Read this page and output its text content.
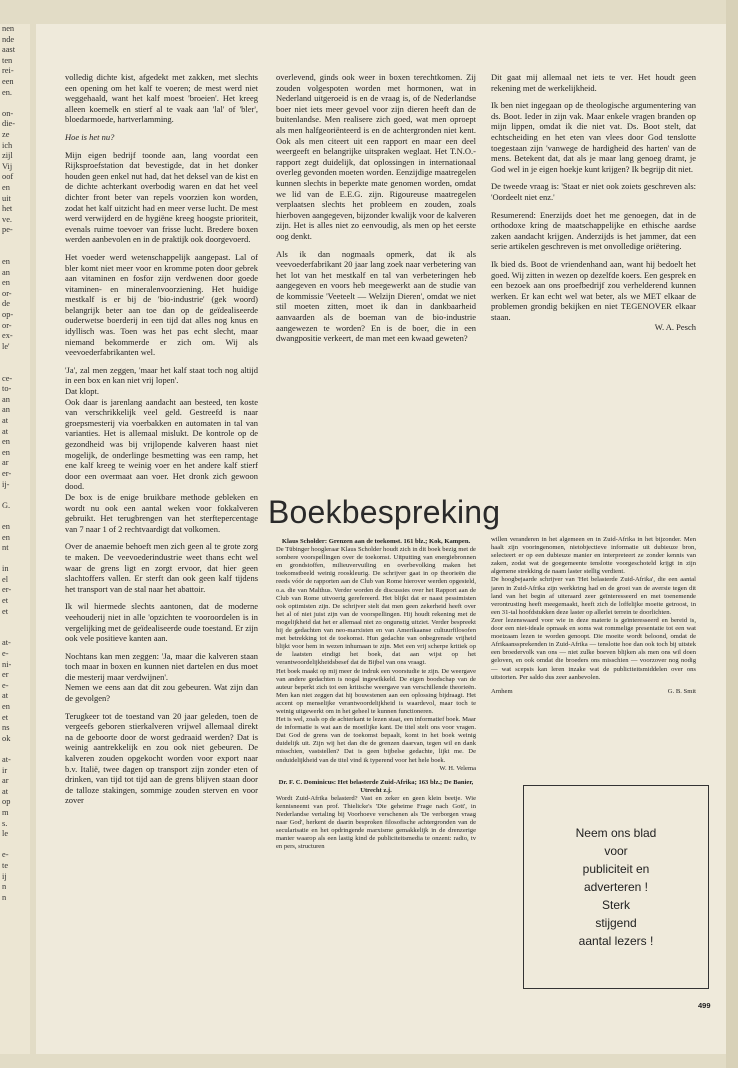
nen
nde
aast
ten
rei-
een
en.

on-
die-
ze
ich
zijl
Vij
oof
en
uit
het
ve.
pe-

en
an
en
or-
de
op-
or-
ex-
le'

ce-
to-
an
an
at
at
en
en
ar
er-
ij-

G.

en
en
nt

in
el
er-
et
et

at-
e-
ni-
er
e-
at
en
et
ns
ok

at-
ir
ar
at
op
m
s.
le

e-
te
ij
n
n

volledig dichte kist, afgedekt met zakken, met slechts een opening om het kalf te voeren; de mest werd niet weggehaald, want het kalf moest 'broeien'. Het kreeg alleen koemelk en stierf al te vaak aan 'lal' of 'bler', bloedarmoede, hartverlamming.

Hoe is het nu?

Mijn eigen bedrijf toonde aan, lang voordat een Rijksproefstation dat bevestigde, dat in het donker houden geen enkel nut had, dat het deksel van de kist en de dichte achterkant overbodig waren en dat het veel dichter front beter van repels voorzien kon worden, zodat het kalf uitzicht had en meer verse lucht. De mest werd verwijderd en de hygiëne kreeg hoogste prioriteit, evenals ruime toevoer van frisse lucht. Bredere boxen werden aanbevolen en in de praktijk ook doorgevoerd.

Het voeder werd wetenschappelijk aangepast. Lal of bler komt niet meer voor en kromme poten door gebrek aan vitaminen en fosfor zijn verdwenen door goede vitaminen- en mineralenvoorziening. Het huidige mestkalf is er bij de 'bio-industrie' (gek woord) belangrijk beter aan toe dan op de geïdealiseerde ouderwetse boerderij in een tijd dat alles nog knus en idyllisch was. Toen was het pas echt slecht, maar niemand bekommerde er zich om. Wij als veevoederfabrikanten wel.

'Ja', zal men zeggen, 'maar het kalf staat toch nog altijd in een box en kan niet vrij lopen'.

Dat klopt.

Ook daar is jarenlang aandacht aan besteed, ten koste van verschrikkelijk veel geld. Gestreefd is naar groepsmesterij via voerbakken en automaten in tal van varianties. Het is allemaal mislukt. De kontrole op de gezondheid was bij vrijlopende kalveren haast niet mogelijk, de onderlinge besmetting was een ramp, het ene kalf kreeg te weinig voer en het andere kalf stierf door een overmaat aan voer. Het dronk zich gewoon dood.

De box is de enige bruikbare methode gebleken en wordt nu ook een aantal weken voor fokkalveren gebruikt. Het terugbrengen van het sterftepercentage van 7 naar 1 of 2 rechtvaardigt dat volkomen.

Over de anaemie behoeft men zich geen al te grote zorg te maken. De veevoederindustrie weet thans echt wel waar de grens ligt en zorgt ervoor, dat hier geen slachtoffers vallen. Er sterft dan ook geen kalf tijdens het transport van de stal naar het abattoir.

Ik wil hiermede slechts aantonen, dat de moderne veehouderij niet in alle 'opzichten te vooroordelen is in vergelijking met de geïdealiseerde oude toestand. Er zijn ook vele positieve kanten aan.

Nochtans kan men zeggen: 'Ja, maar die kalveren staan toch maar in boxen en kunnen niet dartelen en dus moet die mesterij maar verdwijnen'.

Nemen we eens aan dat dit zou gebeuren. Wat zijn dan de gevolgen?

Terugkeer tot de toestand van 20 jaar geleden, toen de vergeefs geboren stierkalveren vrijwel allemaal direkt na de geboorte door de worst gedraaid werden? Dat is weinig aantrekkelijk en zou ook niet gebeuren. De kalveren zouden opgekocht worden voor export naar b.v. Italië, twee dagen op transport zijn zonder eten of drinken, van tijd tot tijd aan de grens blijven staan door de talloze stakingen, sommige zouden sterven en voor zover

overlevend, ginds ook weer in boxen terechtkomen. Zij zouden volgespoten worden met hormonen, wat in Nederland uitgeroeid is en de vraag is, of de Nederlandse boer niet iets meer gevoel voor zijn dieren heeft dan de buitenlandse. Men realisere zich goed, wat men oproept als men halfgeoriënteerd is en de achtergronden niet kent. Ook als men citeert uit een rapport en maar een deel weergeeft en belangrijke uitspraken weglaat. Het T.N.O.-rapport zegt duidelijk, dat oplossingen in internationaal overleg gevonden moeten worden. Eenzijdige maatregelen kunnen slechts in beperkte mate genomen worden, omdat we lid van de E.E.G. zijn. Rigoureuse maatregelen verplaatsen slechts het probleem en zouden, zoals hierboven aangegeven, bijzonder kwalijk voor de kalveren zijn. Het is alles niet zo eenvoudig, als men op het eerste oog denkt.

Als ik dan nogmaals opmerk, dat ik als veevoederfabrikant 20 jaar lang zoek naar verbetering van het lot van het mestkalf en tal van verbeteringen heb aangegeven en voors heb meegewerkt aan de studie van de kommissie 'Veeteelt — Welzijn Dieren', omdat we niet stil moeten zitten, moet ik dan in dankbaarheid aanvaarden als de boeman van de bio-industrie aangewezen te worden? En is de boer, die in een dwangpositie verkeert, de man met een kwaad geweten?

Dit gaat mij allemaal net iets te ver. Het houdt geen rekening met de werkelijkheid.

Ik ben niet ingegaan op de theologische argumentering van ds. Boot. Ieder in zijn vak. Maar enkele vragen branden op mijn lippen, omdat ik die niet vat. Ds. Boot stelt, dat echtscheiding en het eten van vlees door God tenslotte toegestaan zijn 'vanwege de hardigheid des harten' van de mens. Betekent dat, dat als je maar lang genoeg dramt, je God wel in je eigen hoekje kunt krijgen? Ik begrijp dit niet.

De tweede vraag is: 'Staat er niet ook zoiets geschreven als: 'Oordeelt niet enz.'

Resumerend: Enerzijds doet het me genoegen, dat in de orthodoxe kring de maatschappelijke en ethische aardse zaken aandacht krijgen. Anderzijds is het jammer, dat een serie artikelen geschreven is met onvolledige oriëtering.

Ik bied ds. Boot de vriendenhand aan, want hij bedoelt het goed. Wij zitten in wezen op dezelfde koers. Een gesprek en een bezoek aan ons proefbedrijf zou verhelderend kunnen werken. Er kan echt wel wat beter, als we MET elkaar de problemen grondig bekijken en niet TEGENOVER elkaar staan.

W. A. Pesch

Boekbespreking

Klaus Scholder: Grenzen aan de toekomst. 161 blz.; Kok, Kampen.

De Tübinger hoogleraar Klaus Scholder houdt zich in dit boek bezig met de sombere voorspellingen over de toekomst. Uitputting van energiebronnen en grondstoffen, milieuvervuiling en overbevolking maken het toekomstbeeld weinig rooskleurig. De schrijver gaat in op theorieën die reeds vóór de rapporten aan de Club van Rome hierover werden opgesteld, o.a. die van Malthus. Verder worden de discussies over het Rapport aan de Club van Rome uitvoerig gerefereerd. Het blijkt dat er naast pessimisten ook optimisten zijn. De schrijver stelt dat men geen zekerheid heeft over het al of niet juist zijn van de voorspellingen. Hij houdt rekening met de mogelijkheid dat het er allemaal niet zo ongunstig uitziet. Verder bespreekt hij de gedachten van neo-marxisten en van Amerikaanse cultuurfilosofen met betrekking tot de toekomst. Hun gedachte van onbegrensde vrijheid blijkt voor hem in wezen inhumaan te zijn. Met een vrij scherpe kritiek op de laatsten eindigt het boek, dat aan wijst op het verantwoordelijkheidsbesef dat de Bijbel van ons vraagt.

Het boek maakt op mij meer de indruk een voorstudie te zijn. De weergave van andere gedachten is nogal ingewikkeld. De eigen boodschap van de auteur beperkt zich tot een kritische weergave van verschillende theorieën. Men kan niet zeggen dat hij bouwstenen aan een oplossing bijdraagt. Het accent op menselijke verantwoordelijkheid is waardevol, maar toch te weinig uitgewerkt om in het geheel te kunnen functioneren.

Het is wel, zoals op de achterkant te lezen staat, een informatief boek. Maar de informatie is wat aan de moeilijke kant. De titel stelt ons voor vragen. Dat God de grens van de toekomst bepaalt, komt in het boek weinig duidelijk uit. Zijn wij het dan die de grenzen daarvan, tegen wil en dank misschien, vaststellen? Dat is geen bijbelse gedachte, lijkt me. De onduidelijkheid van de titel vind ik typerend voor het hele boek.

W. H. Velema

Dr. F. C. Dominicus: Het belasterde Zuid-Afrika; 163 blz.; De Banier, Utrecht z.j.

Wordt Zuid-Afrika belasterd? Vast en zeker en geen klein beetje. Wie kennisneemt van prof. Thielicke's 'Die geheime Frage nach Gott', in Nederlandse vertaling bij Voorhoeve verschenen als 'De verborgen vraag naar God', herkent de daarin besproken filosofische achtergronden van de secularisatie en het opdringende marxisme gemakkelijk in de drenzerige manier waarop als een lastig kind de publiciteitsmedia te onzent: radio, tv en pers, structuren

willen veranderen in het algemeen en in Zuid-Afrika in het bijzonder. Men haalt zijn vooringenomen, nietobjectieve informatie uit dubieuze bron, selecteert er op een dubieuze manier en interpreteert ze zonder kennis van zaken, zodat wat de goegemeente tenslotte voorgeschoteld krijgt in zijn algemene strekking de naam laster stellig verdient.

De hoogbejaarde schrijver van 'Het belasterde Zuid-Afrika', die een aantal jaren in Zuid-Afrika zijn werkkring had en de groei van de aversie tegen dit land van het begin af uiteraard zeer geïnteresseerd en met toenemende verontrusting heeft meegemaakt, heeft zich de loffelijke moeite getroost, in een 31-tal hoofdstukken deze laster op allerlei terrein te doorlichten.

Zeer lezenswaard voor wie in deze materie is geïnteresseerd en bereid is, door een niet-ideale opmaak en soms wat rommelige presentatie tot een wat moeizaam lezen te worden genoopt. Die moeite wordt beloond, omdat de Afrikaanssprekenden in Zuid-Afrika — tenslotte hoe dan ook toch bij uitstek een broedervolk van ons — niet zulke boeven blijken als men ons wil doen geloven, en ook omdat die broeders ons misschien — voorzover nog nodig — wat scepsis kan leren inzake wat de publiciteitsmiddelen over ons uitstorten. Per saldo dus zeer aanbevolen.

Arnhem	G. B. Smit
Neem ons blad
voor
publiciteit en
adverteren !
Sterk
stijgend
aantal lezers !
499
